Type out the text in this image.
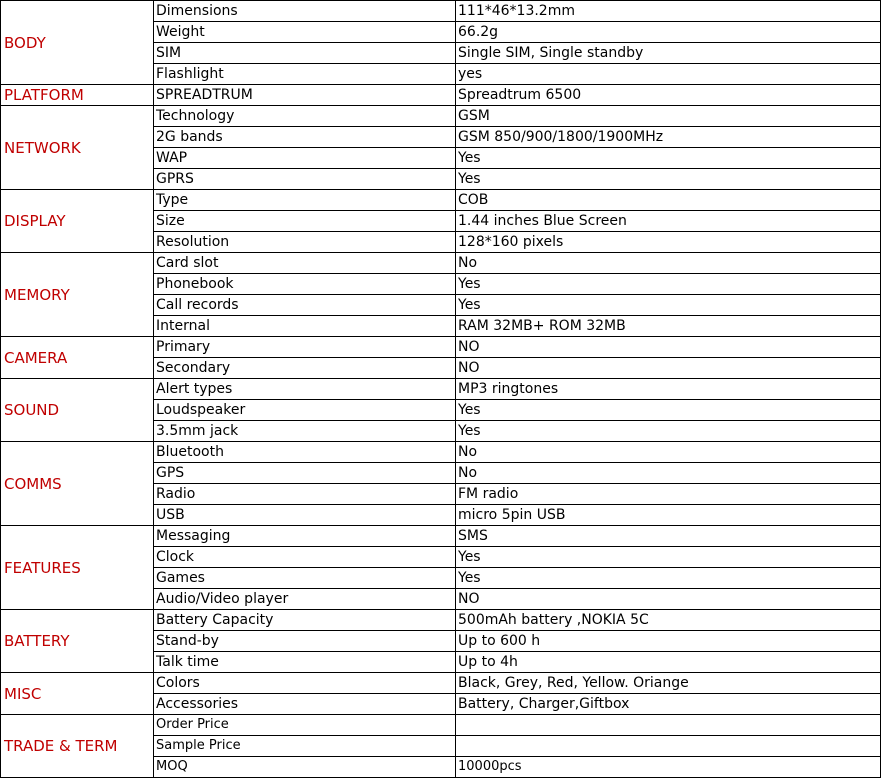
BODY	Dimensions	111*46*13.2mm
	Weight	66.2g
	SIM	Single SIM, Single standby
	Flashlight	yes
PLATFORM	SPREADTRUM	Spreadtrum 6500
NETWORK	Technology	GSM
	2G bands	GSM 850/900/1800/1900MHz
	WAP	Yes
	GPRS	Yes
DISPLAY	Type	COB
	Size	1.44 inches Blue Screen
	Resolution	128*160 pixels
MEMORY	Card slot	No
	Phonebook	Yes
	Call records	Yes
	Internal	RAM 32MB+ ROM 32MB
CAMERA	Primary	NO
	Secondary	NO
SOUND	Alert types	MP3 ringtones
	Loudspeaker	Yes
	3.5mm jack	Yes
COMMS	Bluetooth	No
	GPS	No
	Radio	FM radio
	USB	micro 5pin USB
FEATURES	Messaging	SMS
	Clock	Yes
	Games	Yes
	Audio/Video player	NO
BATTERY	Battery Capacity	500mAh battery ,NOKIA 5C
	Stand-by	Up to 600 h
	Talk time	Up to 4h
MISC	Colors	Black, Grey, Red, Yellow. Oriange
	Accessories	Battery, Charger,Giftbox
TRADE & TERM	Order Price	
	Sample Price	
	MOQ	10000pcs
